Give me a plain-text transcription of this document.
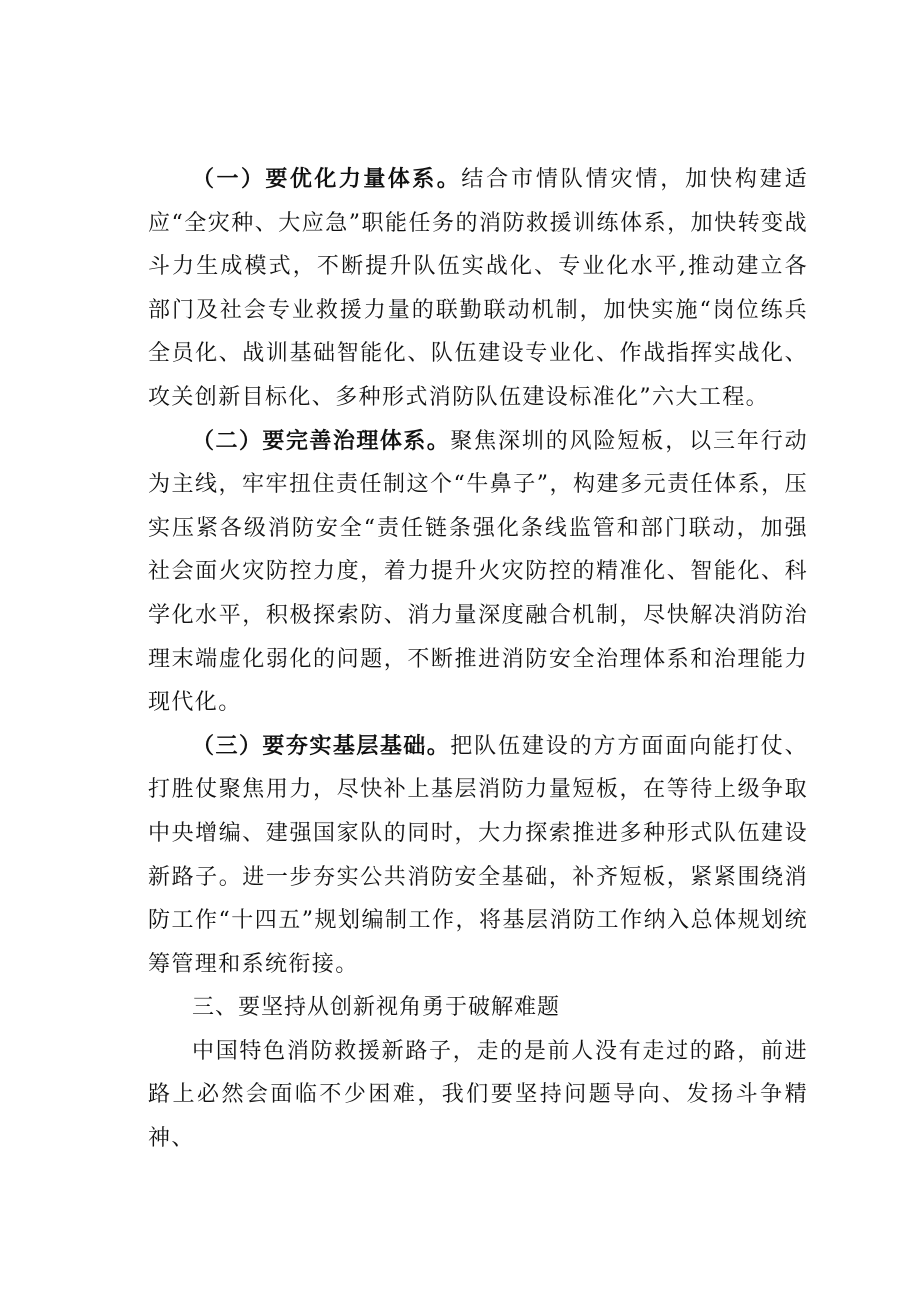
（一）要优化力量体系。结合市情队情灾情，加快构建适应“全灾种、大应急”职能任务的消防救援训练体系，加快转变战斗力生成模式，不断提升队伍实战化、专业化水平,推动建立各部门及社会专业救援力量的联勤联动机制，加快实施“岗位练兵全员化、战训基础智能化、队伍建设专业化、作战指挥实战化、攻关创新目标化、多种形式消防队伍建设标准化”六大工程。

（二）要完善治理体系。聚焦深圳的风险短板，以三年行动为主线，牢牢扭住责任制这个“牛鼻子”，构建多元责任体系，压实压紧各级消防安全“责任链条强化条线监管和部门联动，加强社会面火灾防控力度，着力提升火灾防控的精准化、智能化、科学化水平，积极探索防、消力量深度融合机制，尽快解决消防治理末端虚化弱化的问题，不断推进消防安全治理体系和治理能力现代化。

（三）要夯实基层基础。把队伍建设的方方面面向能打仗、打胜仗聚焦用力，尽快补上基层消防力量短板，在等待上级争取中央增编、建强国家队的同时，大力探索推进多种形式队伍建设新路子。进一步夯实公共消防安全基础，补齐短板，紧紧围绕消防工作“十四五”规划编制工作，将基层消防工作纳入总体规划统筹管理和系统衔接。

三、要坚持从创新视角勇于破解难题

中国特色消防救援新路子，走的是前人没有走过的路，前进路上必然会面临不少困难，我们要坚持问题导向、发扬斗争精神、
